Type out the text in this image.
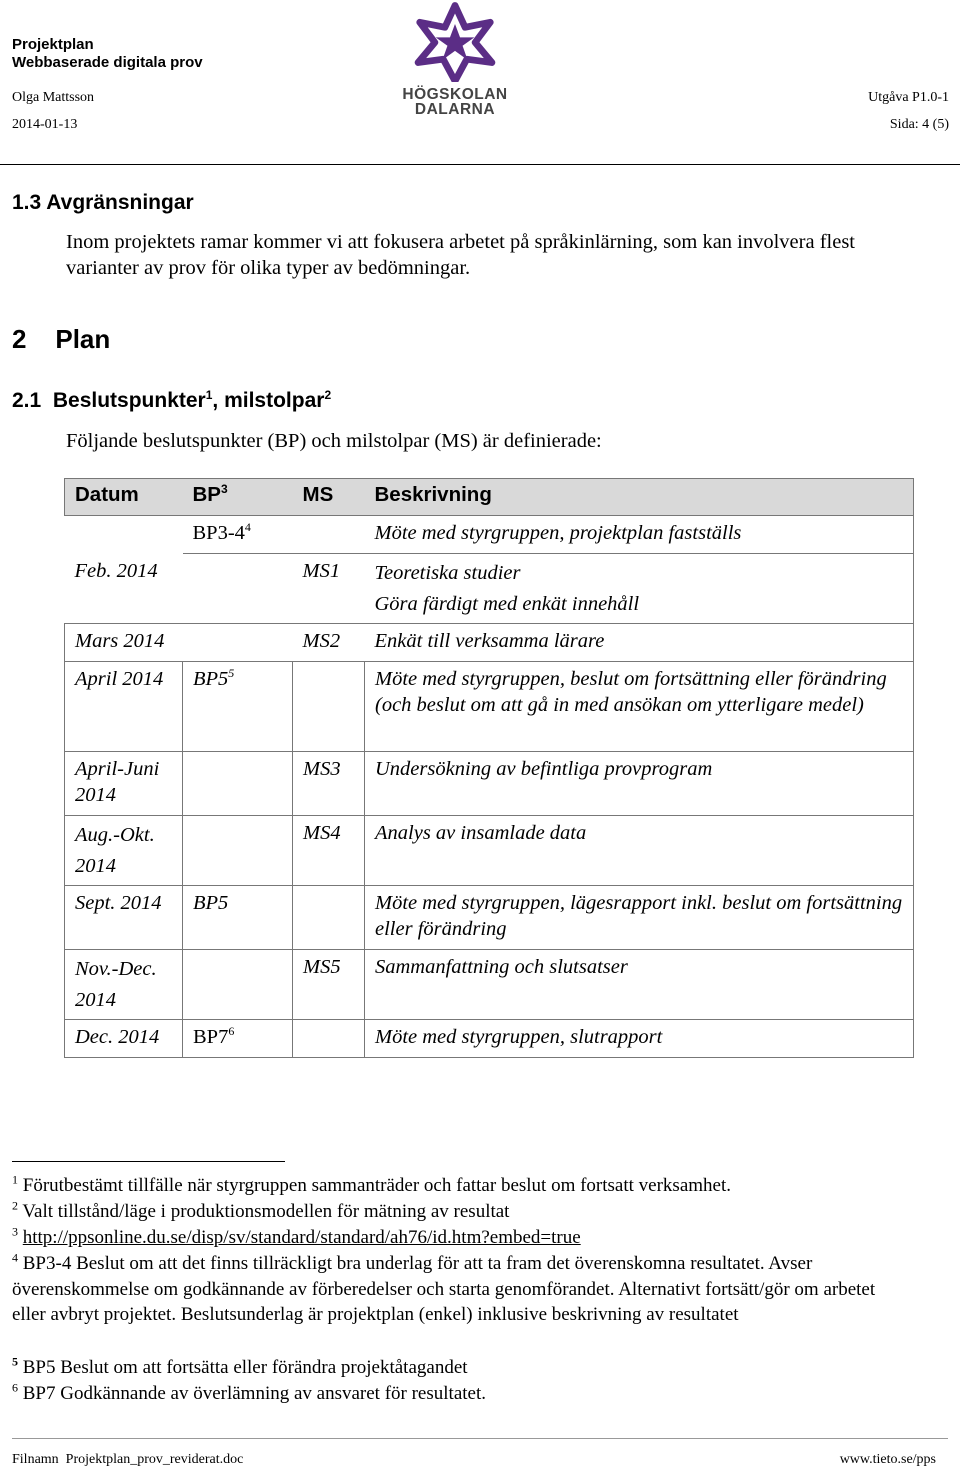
Projektplan
Webbaserade digitala prov
Olga Mattsson
2014-01-13
Utgåva P1.0-1
Sida: 4 (5)
HÖGSKOLAN
DALARNA
1.3 Avgränsningar
Inom projektets ramar kommer vi att fokusera arbetet på språkinlärning, som kan involvera flest varianter av prov för olika typer av bedömningar.
2    Plan
2.1  Beslutspunkter$^1$, milstolpar$^2$
Följande beslutspunkter (BP) och milstolpar (MS) är definierade:
Datum	$BP^3$	MS	Beskrivning
	$BP3-4^4$		Möte med styrgruppen, projektplan fastställs
Feb. 2014		MS1	Teoretiska studier
Göra färdigt med enkät innehåll

Mars 2014		MS2	Enkät till verksamma lärare
April 2014	$BP5^5$		Möte med styrgruppen, beslut om fortsättning eller förändring (och beslut om att gå in med ansökan om ytterligare medel)
April-Juni 2014		MS3	Undersökning av befintliga provprogram

Aug.-Okt.
2014		MS4	Analys av insamlade data
Sept. 2014	BP5		Möte med styrgruppen, lägesrapport inkl. beslut om fortsättning eller förändring

Nov.-Dec.
2014		MS5	Sammanfattning och slutsatser
Dec. 2014	$BP7^6$		Möte med styrgruppen, slutrapport
$^1$ Förutbestämt tillfälle när styrgruppen sammanträder och fattar beslut om fortsatt verksamhet.
$^2$ Valt tillstånd/läge i produktionsmodellen för mätning av resultat
$^3$ http://ppsonline.du.se/disp/sv/standard/standard/ah76/id.htm?embed=true
$^4$ BP3-4 Beslut om att det finns tillräckligt bra underlag för att ta fram det överenskomna resultatet. Avser överenskommelse om godkännande av förberedelser och starta genomförandet. Alternativt fortsätt/gör om arbetet eller avbryt projektet. Beslutsunderlag är projektplan (enkel) inklusive beskrivning av resultatet
$^5$ BP5 Beslut om att fortsätta eller förändra projektåtagandet
$^6$ BP7 Godkännande av överlämning av ansvaret för resultatet.
Filnamn  Projektplan_prov_reviderat.doc	www.tieto.se/pps
